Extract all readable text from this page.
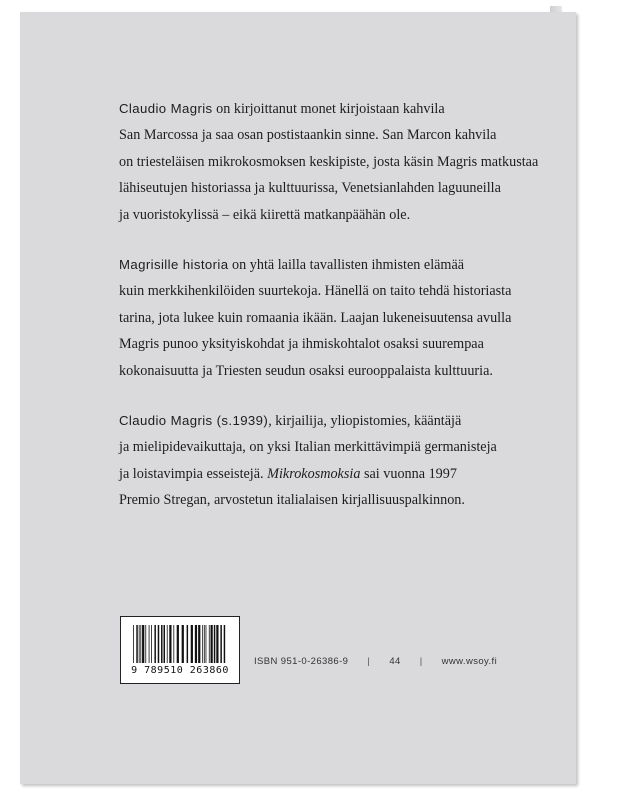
Claudio Magris on kirjoittanut monet kirjoistaan kahvila
San Marcossa ja saa osan postistaankin sinne. San Marcon kahvila
on triesteläisen mikrokosmoksen keskipiste, josta käsin Magris matkustaa
lähiseutujen historiassa ja kulttuurissa, Venetsianlahden laguuneilla
ja vuoristokylissä – eikä kiirettä matkanpäähän ole.

Magrisille historia on yhtä lailla tavallisten ihmisten elämää
kuin merkkihenkilöiden suurtekoja. Hänellä on taito tehdä historiasta
tarina, jota lukee kuin romaania ikään. Laajan lukeneisuutensa avulla
Magris punoo yksityiskohdat ja ihmiskohtalot osaksi suurempaa
kokonaisuutta ja Triesten seudun osaksi eurooppalaista kulttuuria.

Claudio Magris (s.1939), kirjailija, yliopistomies, kääntäjä
ja mielipidevaikuttaja, on yksi Italian merkittävimpiä germanisteja
ja loistavimpia esseistejä. Mikrokosmoksia sai vuonna 1997
Premio Stregan, arvostetun italialaisen kirjallisuuspalkinnon.

9 789510 263860
ISBN 951-0-26386-9 | 44 | www.wsoy.fi
